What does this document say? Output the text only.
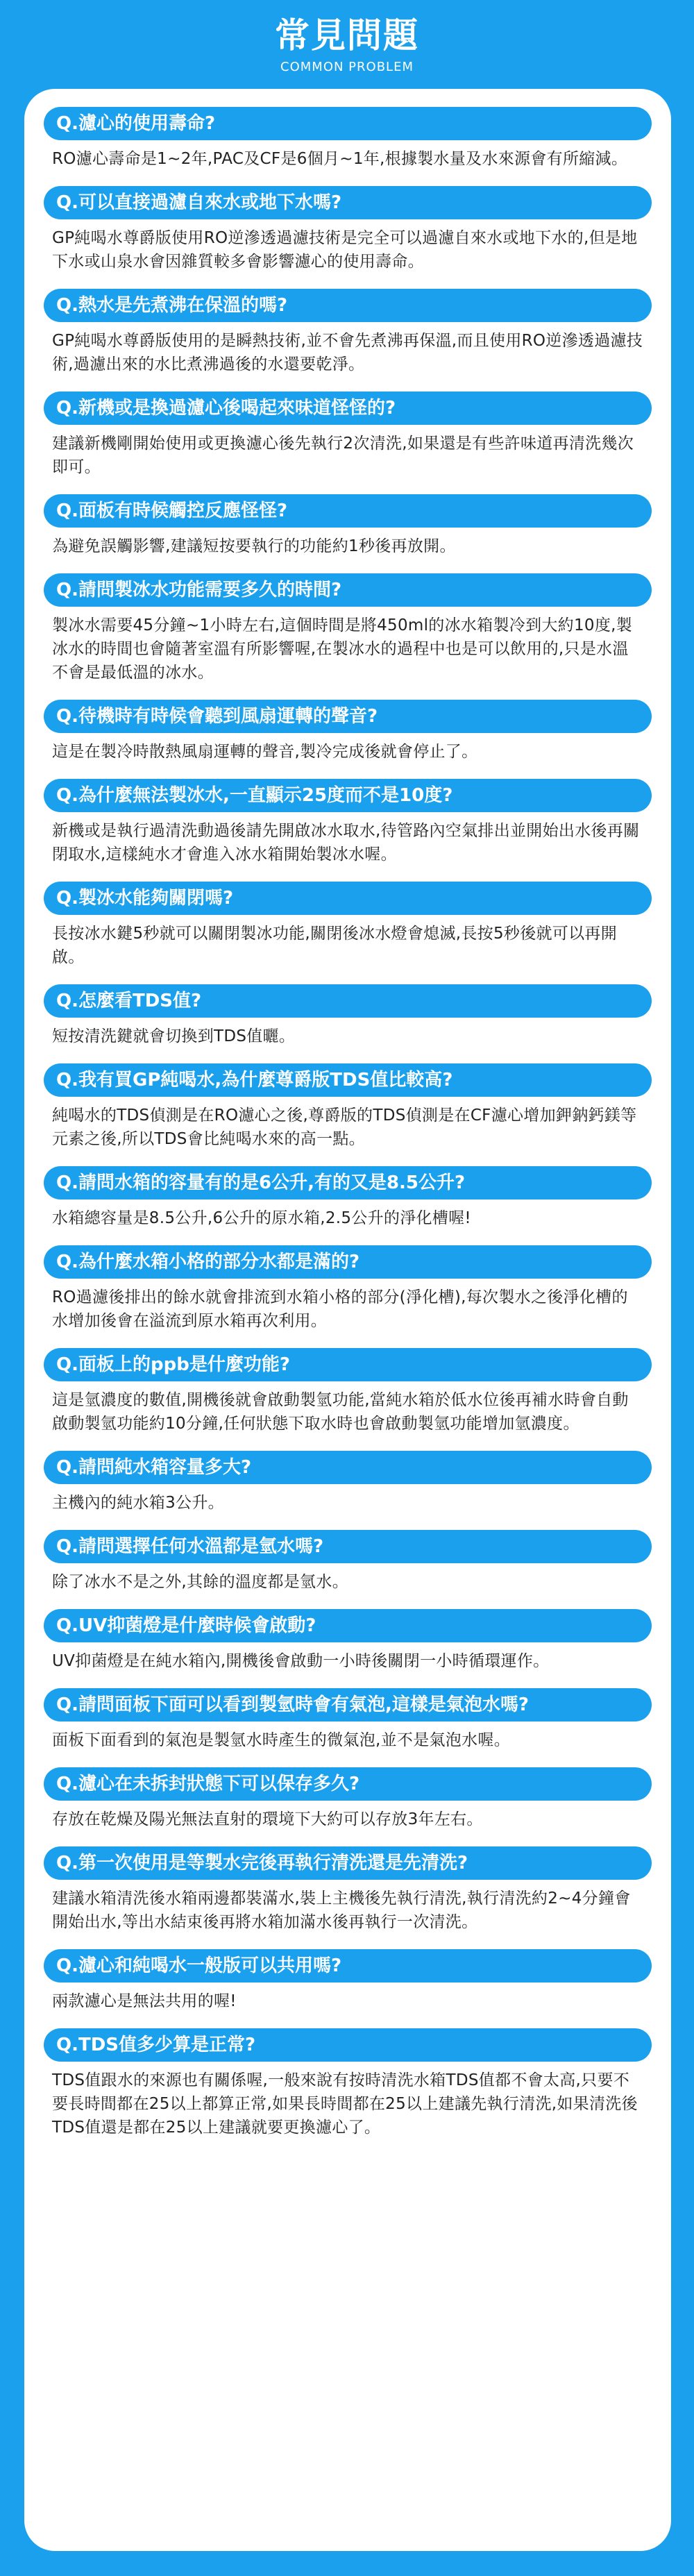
常見問題
COMMON PROBLEM
Q.濾心的使用壽命?
RO濾心壽命是1~2年,PAC及CF是6個月~1年,根據製水量及水來源會有所縮減。
Q.可以直接過濾自來水或地下水嗎?
GP純喝水尊爵版使用RO逆滲透過濾技術是完全可以過濾自來水或地下水的,但是地下水或山泉水會因雜質較多會影響濾心的使用壽命。
Q.熱水是先煮沸在保溫的嗎?
GP純喝水尊爵版使用的是瞬熱技術,並不會先煮沸再保溫,而且使用RO逆滲透過濾技術,過濾出來的水比煮沸過後的水還要乾淨。
Q.新機或是換過濾心後喝起來味道怪怪的?
建議新機剛開始使用或更換濾心後先執行2次清洗,如果還是有些許味道再清洗幾次即可。
Q.面板有時候觸控反應怪怪?
為避免誤觸影響,建議短按要執行的功能約1秒後再放開。
Q.請問製冰水功能需要多久的時間?
製冰水需要45分鐘~1小時左右,這個時間是將450ml的冰水箱製冷到大約10度,製冰水的時間也會隨著室溫有所影響喔,在製冰水的過程中也是可以飲用的,只是水溫不會是最低溫的冰水。
Q.待機時有時候會聽到風扇運轉的聲音?
這是在製冷時散熱風扇運轉的聲音,製冷完成後就會停止了。
Q.為什麼無法製冰水,一直顯示25度而不是10度?
新機或是執行過清洗動過後請先開啟冰水取水,待管路內空氣排出並開始出水後再關閉取水,這樣純水才會進入冰水箱開始製冰水喔。
Q.製冰水能夠關閉嗎?
長按冰水鍵5秒就可以關閉製冰功能,關閉後冰水燈會熄滅,長按5秒後就可以再開啟。
Q.怎麼看TDS值?
短按清洗鍵就會切換到TDS值曬。
Q.我有買GP純喝水,為什麼尊爵版TDS值比較高?
純喝水的TDS偵測是在RO濾心之後,尊爵版的TDS偵測是在CF濾心增加鉀鈉鈣鎂等元素之後,所以TDS會比純喝水來的高一點。
Q.請問水箱的容量有的是6公升,有的又是8.5公升?
水箱總容量是8.5公升,6公升的原水箱,2.5公升的淨化槽喔!
Q.為什麼水箱小格的部分水都是滿的?
RO過濾後排出的餘水就會排流到水箱小格的部分(淨化槽),每次製水之後淨化槽的水增加後會在溢流到原水箱再次利用。
Q.面板上的ppb是什麼功能?
這是氫濃度的數值,開機後就會啟動製氫功能,當純水箱於低水位後再補水時會自動啟動製氫功能約10分鐘,任何狀態下取水時也會啟動製氫功能增加氫濃度。
Q.請問純水箱容量多大?
主機內的純水箱3公升。
Q.請問選擇任何水溫都是氫水嗎?
除了冰水不是之外,其餘的溫度都是氫水。
Q.UV抑菌燈是什麼時候會啟動?
UV抑菌燈是在純水箱內,開機後會啟動一小時後關閉一小時循環運作。
Q.請問面板下面可以看到製氫時會有氣泡,這樣是氣泡水嗎?
面板下面看到的氣泡是製氫水時產生的微氣泡,並不是氣泡水喔。
Q.濾心在未拆封狀態下可以保存多久?
存放在乾燥及陽光無法直射的環境下大約可以存放3年左右。
Q.第一次使用是等製水完後再執行清洗還是先清洗?
建議水箱清洗後水箱兩邊都裝滿水,裝上主機後先執行清洗,執行清洗約2~4分鐘會開始出水,等出水結束後再將水箱加滿水後再執行一次清洗。
Q.濾心和純喝水一般版可以共用嗎?
兩款濾心是無法共用的喔!
Q.TDS值多少算是正常?
TDS值跟水的來源也有關係喔,一般來說有按時清洗水箱TDS值都不會太高,只要不要長時間都在25以上都算正常,如果長時間都在25以上建議先執行清洗,如果清洗後TDS值還是都在25以上建議就要更換濾心了。
